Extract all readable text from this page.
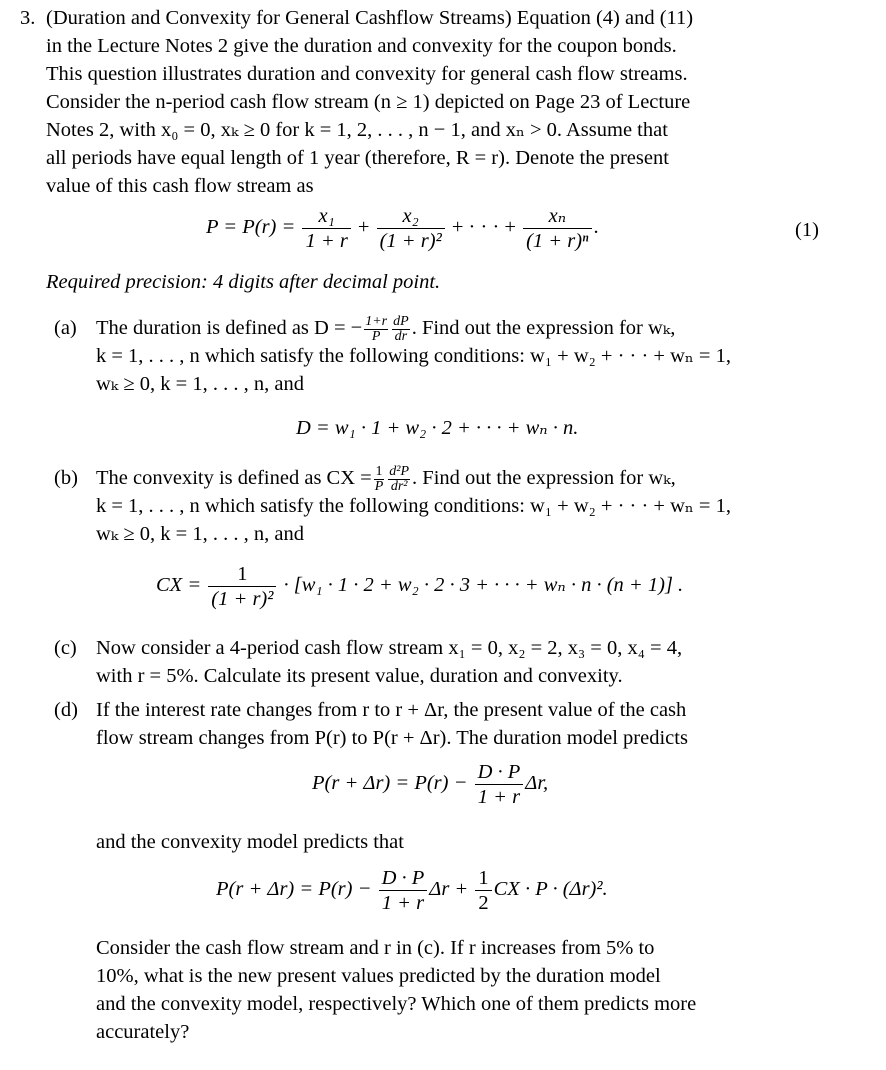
3. (Duration and Convexity for General Cashflow Streams) Equation (4) and (11)
in the Lecture Notes 2 give the duration and convexity for the coupon bonds.
This question illustrates duration and convexity for general cash flow streams.
Consider the n-period cash flow stream (n ≥ 1) depicted on Page 23 of Lecture
Notes 2, with x₀ = 0, xₖ ≥ 0 for k = 1, 2, . . . , n − 1, and xₙ > 0. Assume that
all periods have equal length of 1 year (therefore, R = r). Denote the present
value of this cash flow stream as
$P = P(r) = \frac{\text{x₁}}{1 + r} + \frac{\text{x₂}}{\text{(1 + r)²}}$ + · · · + $\frac{\text{xₙ}}{\text{(1 + r)ⁿ}}$ .	(1)
Required precision: 4 digits after decimal point.
(a) The duration is defined as D = − $\frac{1+r}{P} \frac{dP}{dr}$ . Find out the expression for wₖ,
k = 1, . . . , n which satisfy the following conditions: w₁ + w₂ + · · · + wₙ = 1,
wₖ ≥ 0, k = 1, . . . , n, and
D = w₁ · 1 + w₂ · 2 + · · · + wₙ · n.
(b) The convexity is defined as CX = $\frac{1}{P} \frac{\text{d²P}}{\text{dr²}}$ . Find out the expression for wₖ,
k = 1, . . . , n which satisfy the following conditions: w₁ + w₂ + · · · + wₙ = 1,
wₖ ≥ 0, k = 1, . . . , n, and
CX = $\frac{1}{\text{(1 + r)²}} \cdot [w_1 \cdot 1 \cdot 2 + w_2 \cdot 2 \cdot 3$ + · · · + wₙ · n · (n + 1)] .
(c) Now consider a 4-period cash flow stream x₁ = 0, x₂ = 2, x₃ = 0, x₄ = 4,
with r = 5%. Calculate its present value, duration and convexity.
(d) If the interest rate changes from r to r + Δr, the present value of the cash
flow stream changes from P(r) to P(r + Δr). The duration model predicts
$P(r + \Delta r) = P(r) - \frac{D \cdot P}{1 + r} \Delta r$,
and the convexity model predicts that
$P(r + \Delta r) = P(r) - \frac{D \cdot P}{1 + r}$ $\Delta r + \frac{1}{2}$ CX · P · (Δr)².
Consider the cash flow stream and r in (c). If r increases from 5% to
10%, what is the new present values predicted by the duration model
and the convexity model, respectively? Which one of them predicts more
accurately?
